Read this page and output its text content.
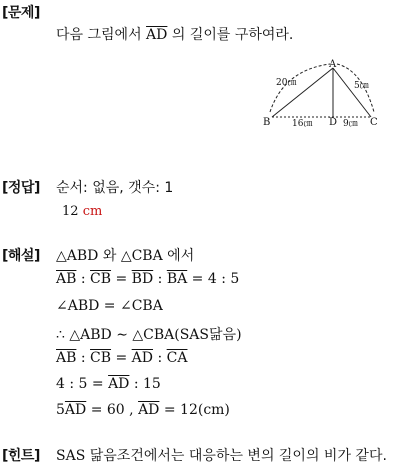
[문제]
다음 그림에서 $\overline{AD}$ 의 길이를 구하여라.
A
B	D	C
20㎝	5㎝
16㎝	9㎝
[정답] 순서: 없음, 갯수: 1
12 cm
[해설] △ABD 와 △CBA 에서
$\overline{AB}$ : $\overline{CB} = \overline{BD}$ : $\overline{BA} = 4$ : 5
∠ABD = ∠CBA
∴ △ABD ∼ △CBA(SAS닮음)
$\overline{AB}$ : $\overline{CB} = \overline{AD}$ : $\overline{CA}$
4 : $5 = \overline{AD}$ : 15
$5\overline{AD} = 60$ , $\overline{AD} = 12(cm)$
[힌트] SAS 닮음조건에서는 대응하는 변의 길이의 비가 같다.
